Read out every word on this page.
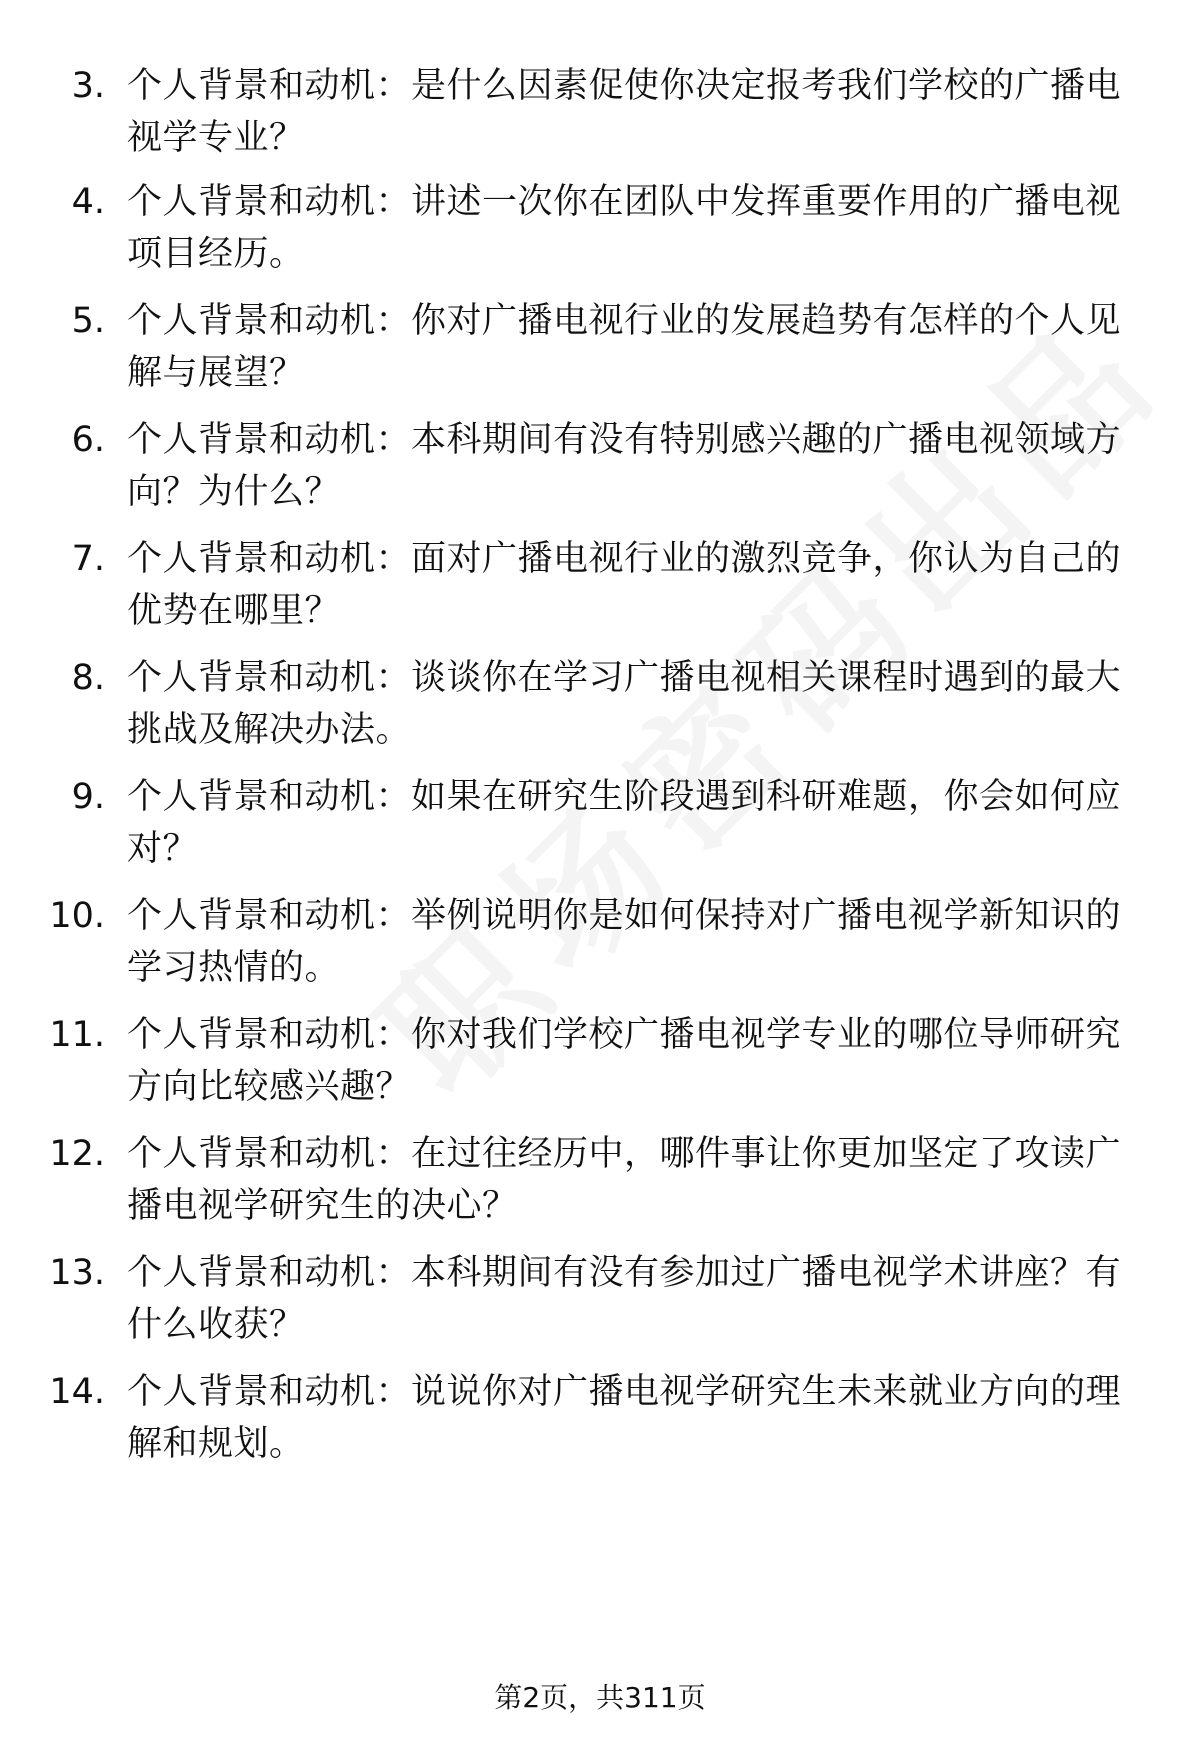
3. 个人背景和动机：是什么因素促使你决定报考我们学校的广播电视学专业？
4. 个人背景和动机：讲述一次你在团队中发挥重要作用的广播电视项目经历。
5. 个人背景和动机：你对广播电视行业的发展趋势有怎样的个人见解与展望？
6. 个人背景和动机：本科期间有没有特别感兴趣的广播电视领域方向？为什么？
7. 个人背景和动机：面对广播电视行业的激烈竞争，你认为自己的优势在哪里？
8. 个人背景和动机：谈谈你在学习广播电视相关课程时遇到的最大挑战及解决办法。
9. 个人背景和动机：如果在研究生阶段遇到科研难题，你会如何应对？
10. 个人背景和动机：举例说明你是如何保持对广播电视学新知识的学习热情的。
11. 个人背景和动机：你对我们学校广播电视学专业的哪位导师研究方向比较感兴趣？
12. 个人背景和动机：在过往经历中，哪件事让你更加坚定了攻读广播电视学研究生的决心？
13. 个人背景和动机：本科期间有没有参加过广播电视学术讲座？有什么收获？
14. 个人背景和动机：说说你对广播电视学研究生未来就业方向的理解和规划。
第2页，共311页
